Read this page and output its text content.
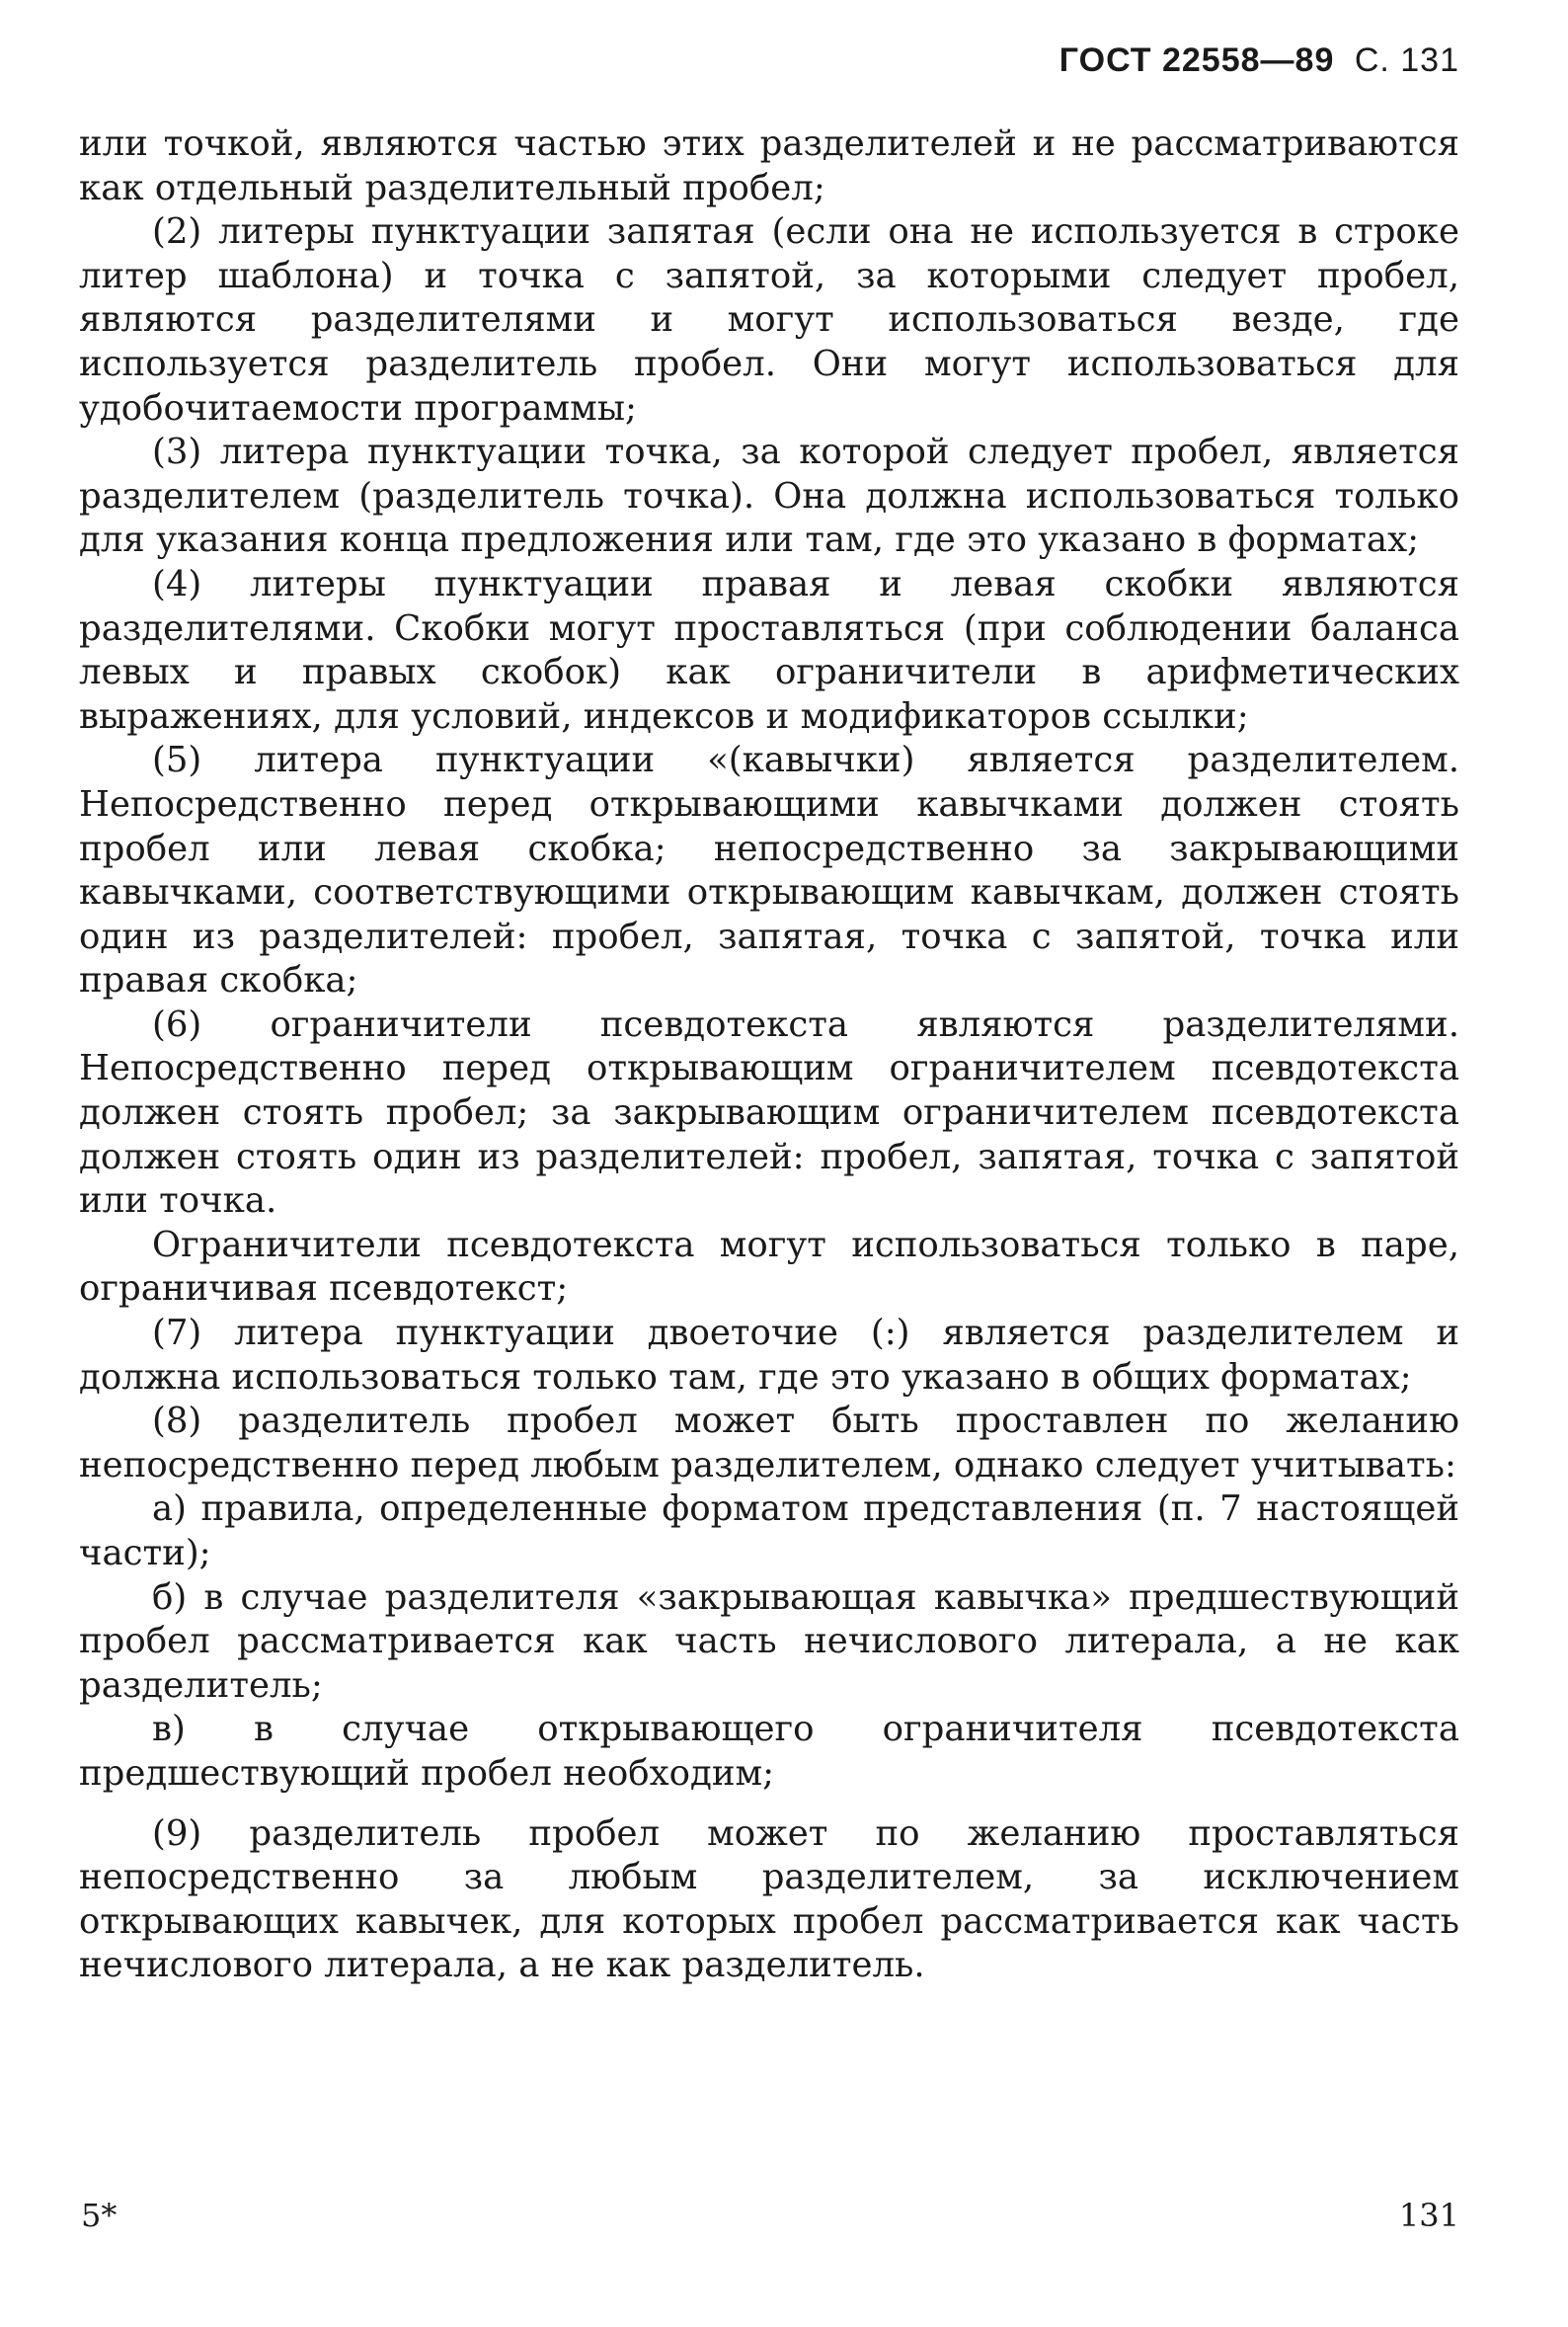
ГОСТ 22558—89 С. 131

или точкой, являются частью этих разделителей и не рассматриваются как отдельный разделительный пробел;

(2) литеры пунктуации запятая (если она не используется в строке литер шаблона) и точка с запятой, за которыми следует пробел, являются разделителями и могут использоваться везде, где используется разделитель пробел. Они могут использоваться для удобочитаемости программы;

(3) литера пунктуации точка, за которой следует пробел, является разделителем (разделитель точка). Она должна использоваться только для указания конца предложения или там, где это указано в форматах;

(4) литеры пунктуации правая и левая скобки являются разделителями. Скобки могут проставляться (при соблюдении баланса левых и правых скобок) как ограничители в арифметических выражениях, для условий, индексов и модификаторов ссылки;

(5) литера пунктуации «(кавычки) является разделителем. Непосредственно перед открывающими кавычками должен стоять пробел или левая скобка; непосредственно за закрывающими кавычками, соответствующими открывающим кавычкам, должен стоять один из разделителей: пробел, запятая, точка с запятой, точка или правая скобка;

(6) ограничители псевдотекста являются разделителями. Непосредственно перед открывающим ограничителем псевдотекста должен стоять пробел; за закрывающим ограничителем псевдотекста должен стоять один из разделителей: пробел, запятая, точка с запятой или точка.

Ограничители псевдотекста могут использоваться только в паре, ограничивая псевдотекст;

(7) литера пунктуации двоеточие (:) является разделителем и должна использоваться только там, где это указано в общих форматах;

(8) разделитель пробел может быть проставлен по желанию непосредственно перед любым разделителем, однако следует учитывать:

а) правила, определенные форматом представления (п. 7 настоящей части);

б) в случае разделителя «закрывающая кавычка» предшествующий пробел рассматривается как часть нечислового литерала, а не как разделитель;

в) в случае открывающего ограничителя псевдотекста предшествующий пробел необходим;

(9) разделитель пробел может по желанию проставляться непосредственно за любым разделителем, за исключением открывающих кавычек, для которых пробел рассматривается как часть нечислового литерала, а не как разделитель.

5*	131
